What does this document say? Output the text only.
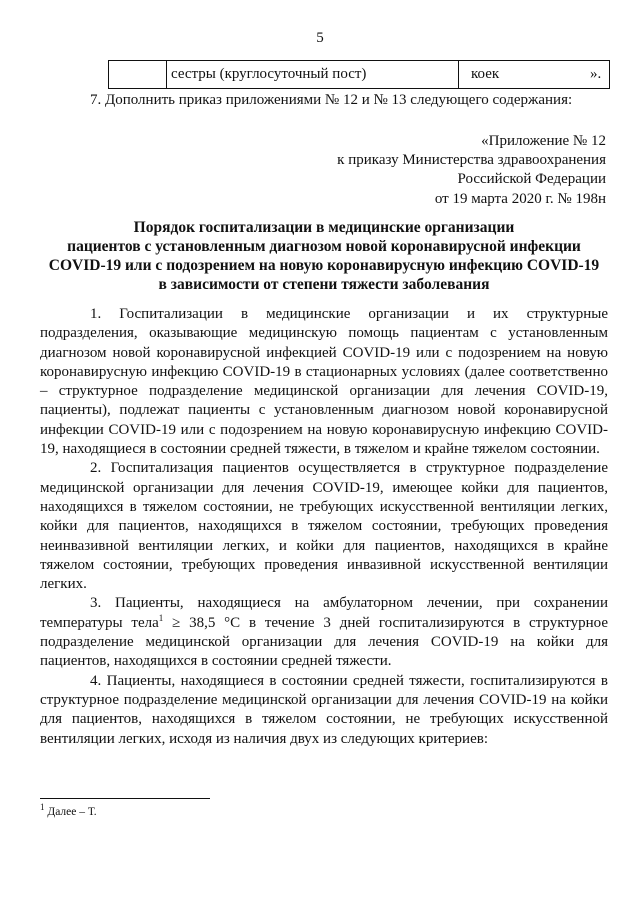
5
	сестры (круглосуточный пост)	коек	».
7. Дополнить приказ приложениями № 12 и № 13 следующего содержания:
«Приложение № 12
к приказу Министерства здравоохранения
Российской Федерации
от 19 марта 2020 г. № 198н
Порядок госпитализации в медицинские организации
пациентов с установленным диагнозом новой коронавирусной инфекции
COVID-19 или с подозрением на новую коронавирусную инфекцию COVID-19
в зависимости от степени тяжести заболевания

1. Госпитализации в медицинские организации и их структурные подразделения, оказывающие медицинскую помощь пациентам с установленным диагнозом новой коронавирусной инфекцией COVID-19 или с подозрением на новую коронавирусную инфекцию COVID-19 в стационарных условиях (далее соответственно – структурное подразделение медицинской организации для лечения COVID-19, пациенты), подлежат пациенты с установленным диагнозом новой коронавирусной инфекции COVID-19 или с подозрением на новую коронавирусную инфекцию COVID-19, находящиеся в состоянии средней тяжести, в тяжелом и крайне тяжелом состоянии.

2. Госпитализация пациентов осуществляется в структурное подразделение медицинской организации для лечения COVID-19, имеющее койки для пациентов, находящихся в тяжелом состоянии, не требующих искусственной вентиляции легких, койки для пациентов, находящихся в тяжелом состоянии, требующих проведения неинвазивной вентиляции легких, и койки для пациентов, находящихся в крайне тяжелом состоянии, требующих проведения инвазивной искусственной вентиляции легких.

3. Пациенты, находящиеся на амбулаторном лечении, при сохранении температуры тела$^1$ ≥ 38,5 °С в течение 3 дней госпитализируются в структурное подразделение медицинской организации для лечения COVID-19 на койки для пациентов, находящихся в состоянии средней тяжести.

4. Пациенты, находящиеся в состоянии средней тяжести, госпитализируются в структурное подразделение медицинской организации для лечения COVID-19 на койки для пациентов, находящихся в тяжелом состоянии, не требующих искусственной вентиляции легких, исходя из наличия двух из следующих критериев:

$^1$ Далее – Т.
